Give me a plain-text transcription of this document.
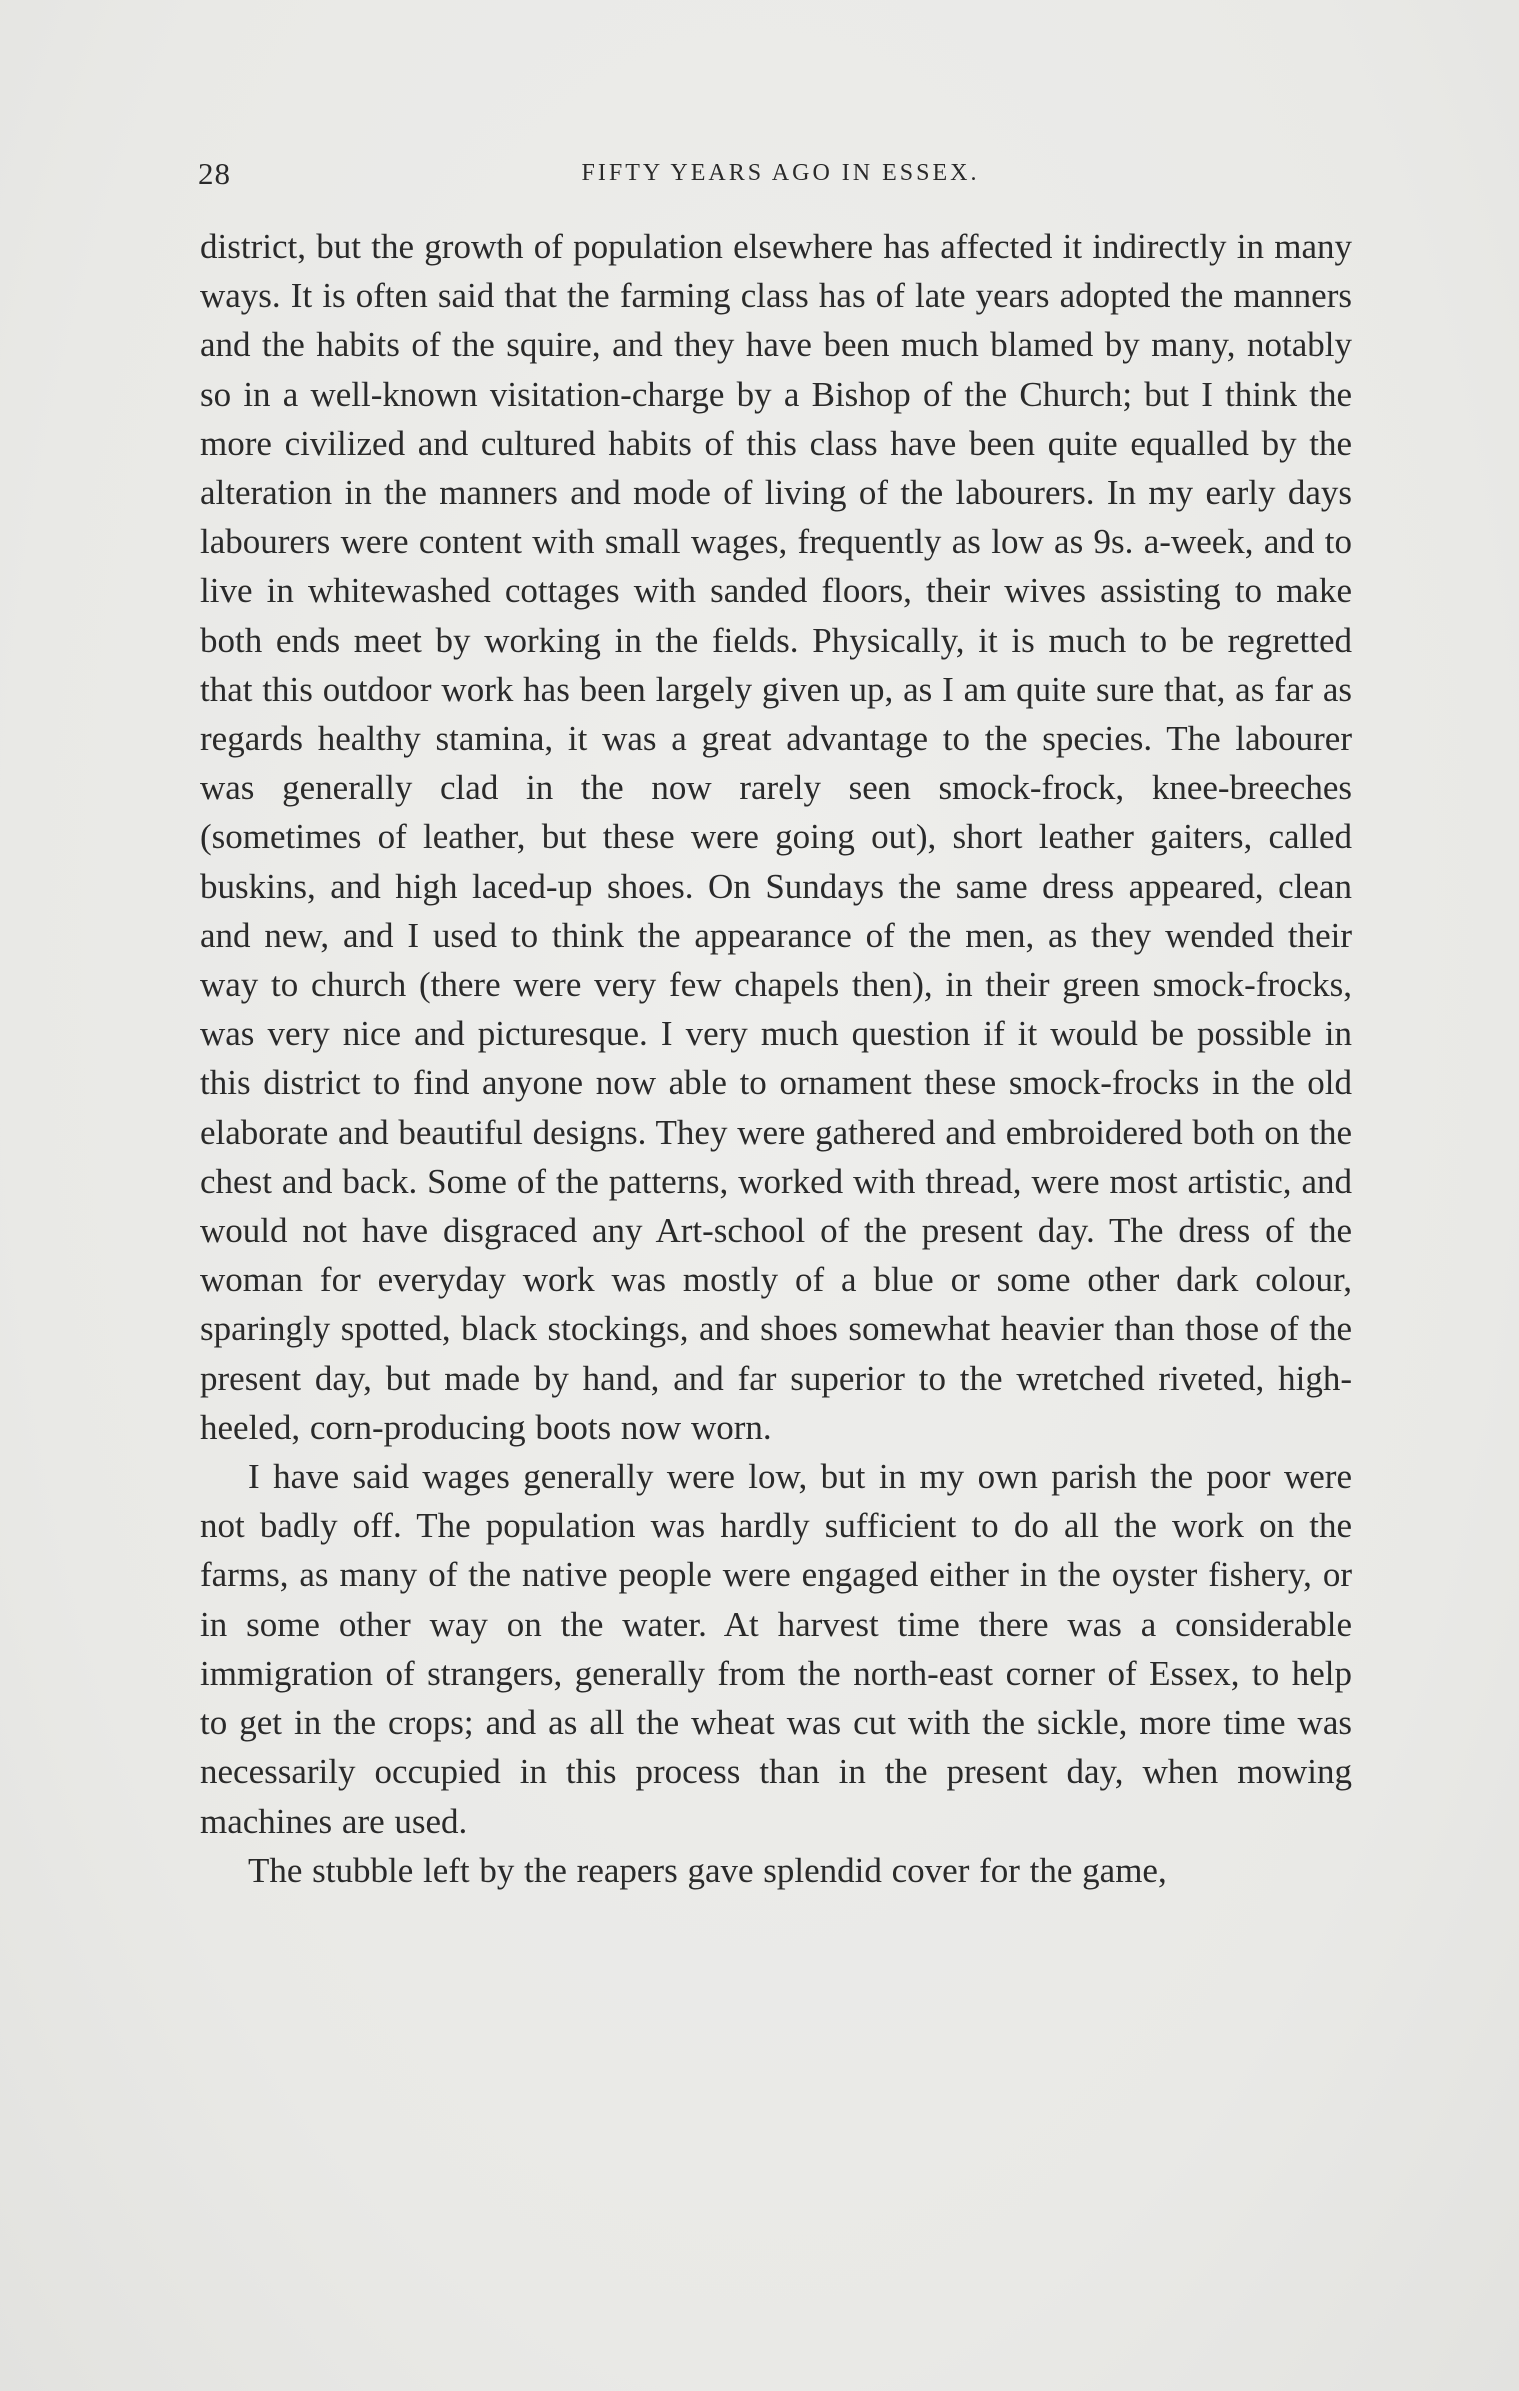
28	FIFTY YEARS AGO IN ESSEX.

district, but the growth of population elsewhere has affected it indirectly in many ways. It is often said that the farming class has of late years adopted the manners and the habits of the squire, and they have been much blamed by many, notably so in a well-known visitation-charge by a Bishop of the Church; but I think the more civilized and cultured habits of this class have been quite equalled by the alteration in the manners and mode of living of the labourers. In my early days labourers were content with small wages, frequently as low as 9s. a-week, and to live in whitewashed cottages with sanded floors, their wives assisting to make both ends meet by working in the fields. Physically, it is much to be regretted that this outdoor work has been largely given up, as I am quite sure that, as far as regards healthy stamina, it was a great advantage to the species. The labourer was generally clad in the now rarely seen smock-frock, knee-breeches (sometimes of leather, but these were going out), short leather gaiters, called buskins, and high laced-up shoes. On Sundays the same dress appeared, clean and new, and I used to think the appearance of the men, as they wended their way to church (there were very few chapels then), in their green smock-frocks, was very nice and picturesque. I very much question if it would be possible in this district to find anyone now able to ornament these smock-frocks in the old elaborate and beautiful designs. They were gathered and embroidered both on the chest and back. Some of the patterns, worked with thread, were most artistic, and would not have disgraced any Art-school of the present day. The dress of the woman for everyday work was mostly of a blue or some other dark colour, sparingly spotted, black stockings, and shoes somewhat heavier than those of the present day, but made by hand, and far superior to the wretched riveted, high-heeled, corn-producing boots now worn.

I have said wages generally were low, but in my own parish the poor were not badly off. The population was hardly sufficient to do all the work on the farms, as many of the native people were engaged either in the oyster fishery, or in some other way on the water. At harvest time there was a considerable immigration of strangers, generally from the north-east corner of Essex, to help to get in the crops; and as all the wheat was cut with the sickle, more time was necessarily occupied in this process than in the present day, when mowing machines are used.

The stubble left by the reapers gave splendid cover for the game,
